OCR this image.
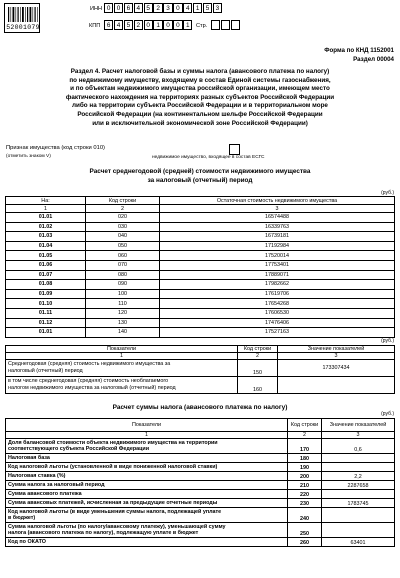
52001079
ИНН 0 0 6 4 5 2 3 0 4 1 5 3
КПП	6 4 5 2 0 1 0 0 1	Стр.
Форма по КНД 1152001
Раздел 00004
Раздел 4. Расчет налоговой базы и суммы налога (авансового платежа по налогу)
по недвижимому имуществу, входящему в состав Единой системы газоснабжения,
и по объектам недвижимого имущества российской организации, имеющем место
фактического нахождения на территориях разных субъектов Российской Федерации
либо на территории субъекта Российской Федерации и в территориальном море
Российской Федерации (на континентальном шельфе Российской Федерации
или в исключительной экономической зоне Российской Федерации)
Признак имущества (код строки 010)
(отметить знаком V)	недвижимое имущество, входящее в состав ЕСГС
Расчет среднегодовой (средней) стоимости недвижимого имущества
за налоговый (отчетный) период
(руб.)
На:	Код строки	Остаточная стоимость недвижимого имущества
1	2	3
01.01	020	16574488
01.02	030	16339763
01.03	040	16739181
01.04	050	17192984
01.05	060	17520014
01.06	070	17753401
01.07	080	17889071
01.08	090	17982662
01.09	100	17619706
01.10	110	17654268
01.11	120	17606530
01.12	130	17476406
01.01	140	17527163
(руб.)
Показатели	Код строки	Значение показателей
1	2	3

Среднегодовая (средняя) стоимость недвижимого имущества за
налоговый (отчетный) период	150	173307434

в том числе среднегодовая (средняя) стоимость необлагаемого
налогом недвижимого имущества за налоговый (отчетный) период	160	
Расчет суммы налога (авансового платежа по налогу)
(руб.)
Показатели	Код строки	Значение показателей
1	2	3

Доля балансовой стоимости объекта недвижимого имущества на территории
соответствующего субъекта Российской Федерации	170	0,6

Налоговая база	180	

Код налоговой льготы (установленной в виде пониженной налоговой ставки)	190	

Налоговая ставка (%)	200	2,2

Сумма налога за налоговый период	210	2287658

Сумма авансового платежа	220	

Сумма авансовых платежей, исчисленная за предыдущие отчетные периоды	230	1783745

Код налоговой льготы (в виде уменьшения суммы налога, подлежащей уплате
в бюджет)	240	

Сумма налоговой льготы (по налогу/авансовому платежу), уменьшающей сумму
налога (авансового платежа по налогу), подлежащую уплате в бюджет	250	

Код по ОКАТО	260	63401
